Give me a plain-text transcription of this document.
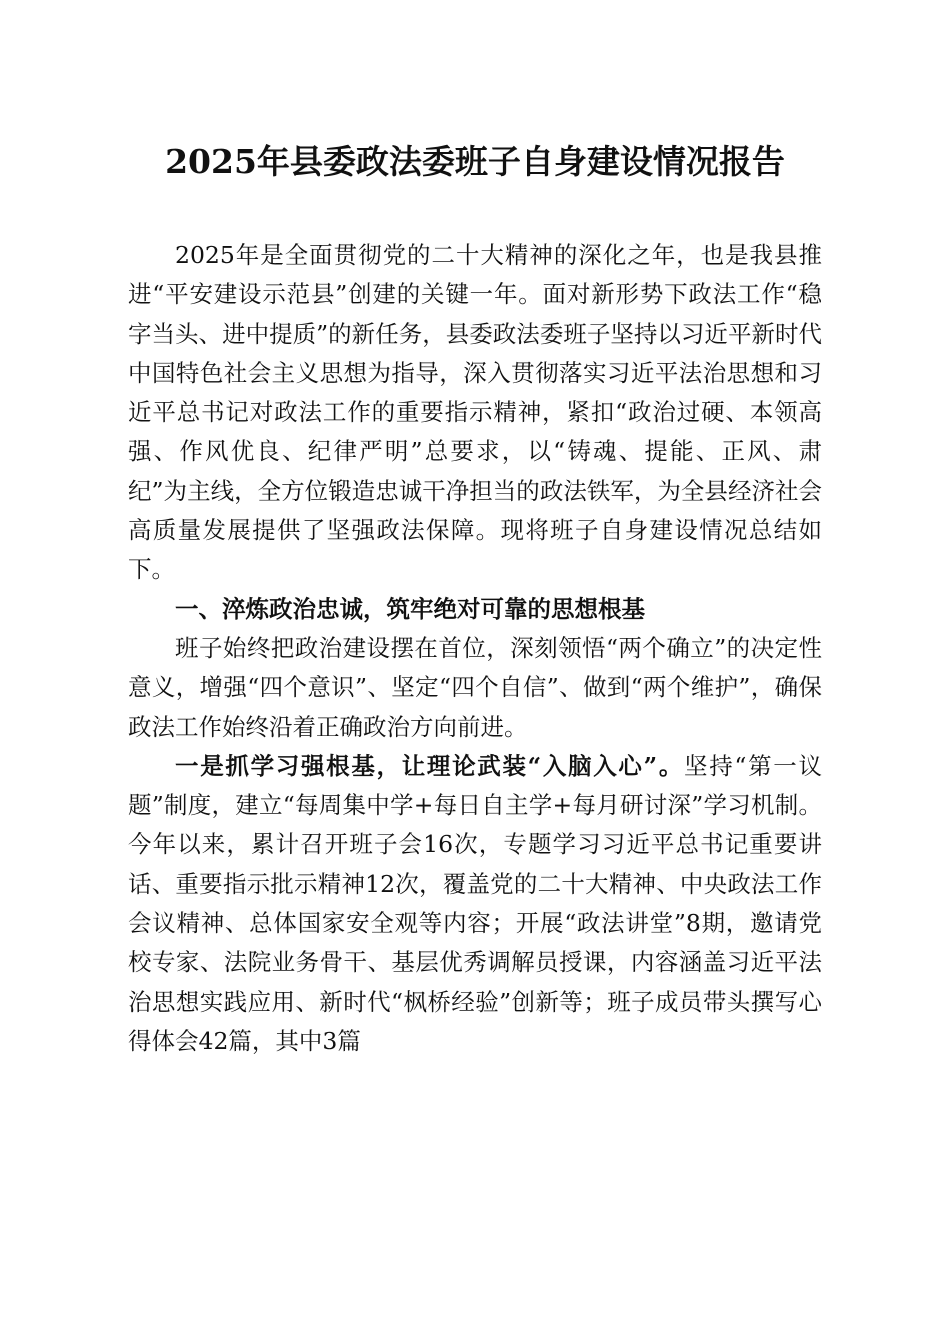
2025年县委政法委班子自身建设情况报告

2025年是全面贯彻党的二十大精神的深化之年，也是我县推进“平安建设示范县”创建的关键一年。面对新形势下政法工作“稳字当头、进中提质”的新任务，县委政法委班子坚持以习近平新时代中国特色社会主义思想为指导，深入贯彻落实习近平法治思想和习近平总书记对政法工作的重要指示精神，紧扣“政治过硬、本领高强、作风优良、纪律严明”总要求，以“铸魂、提能、正风、肃纪”为主线，全方位锻造忠诚干净担当的政法铁军，为全县经济社会高质量发展提供了坚强政法保障。现将班子自身建设情况总结如下。

一、淬炼政治忠诚，筑牢绝对可靠的思想根基

班子始终把政治建设摆在首位，深刻领悟“两个确立”的决定性意义，增强“四个意识”、坚定“四个自信”、做到“两个维护”，确保政法工作始终沿着正确政治方向前进。

一是抓学习强根基，让理论武装“入脑入心”。坚持“第一议题”制度，建立“每周集中学+每日自主学+每月研讨深”学习机制。今年以来，累计召开班子会16次，专题学习习近平总书记重要讲话、重要指示批示精神12次，覆盖党的二十大精神、中央政法工作会议精神、总体国家安全观等内容；开展“政法讲堂”8期，邀请党校专家、法院业务骨干、基层优秀调解员授课，内容涵盖习近平法治思想实践应用、新时代“枫桥经验”创新等；班子成员带头撰写心得体会42篇，其中3篇
